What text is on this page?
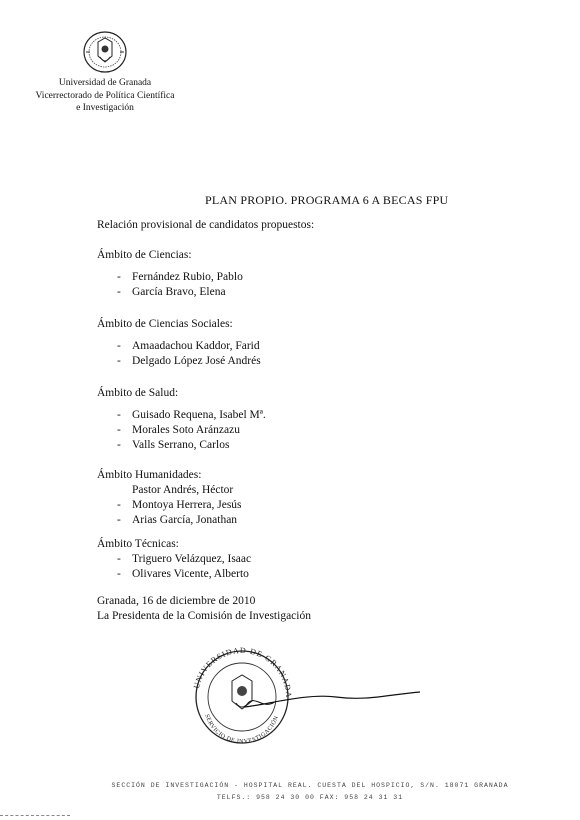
Universidad de Granada
Vicerrectorado de Política Científica
e Investigación
PLAN PROPIO. PROGRAMA 6 A BECAS FPU
Relación provisional de candidatos propuestos:
Ámbito de Ciencias:
- Fernández Rubio, Pablo
- García Bravo, Elena
Ámbito de Ciencias Sociales:
- Amaadachou Kaddor, Farid
- Delgado López José Andrés
Ámbito de Salud:
- Guisado Requena, Isabel Mª.
- Morales Soto Aránzazu
- Valls Serrano, Carlos
Ámbito Humanidades:
Pastor Andrés, Héctor
- Montoya Herrera, Jesús
- Arias García, Jonathan
Ámbito Técnicas:
- Triguero Velázquez, Isaac
- Olivares Vicente, Alberto
Granada, 16 de diciembre de 2010
La Presidenta de la Comisión de Investigación
UNIVERSIDAD DE GRANADA
SERVICIO DE INVESTIGACIÓN
SECCIÓN DE INVESTIGACIÓN - HOSPITAL REAL. CUESTA DEL HOSPICIO, S/N. 18071 GRANADA
TELFS.: 958 24 30 00 FAX: 958 24 31 31
